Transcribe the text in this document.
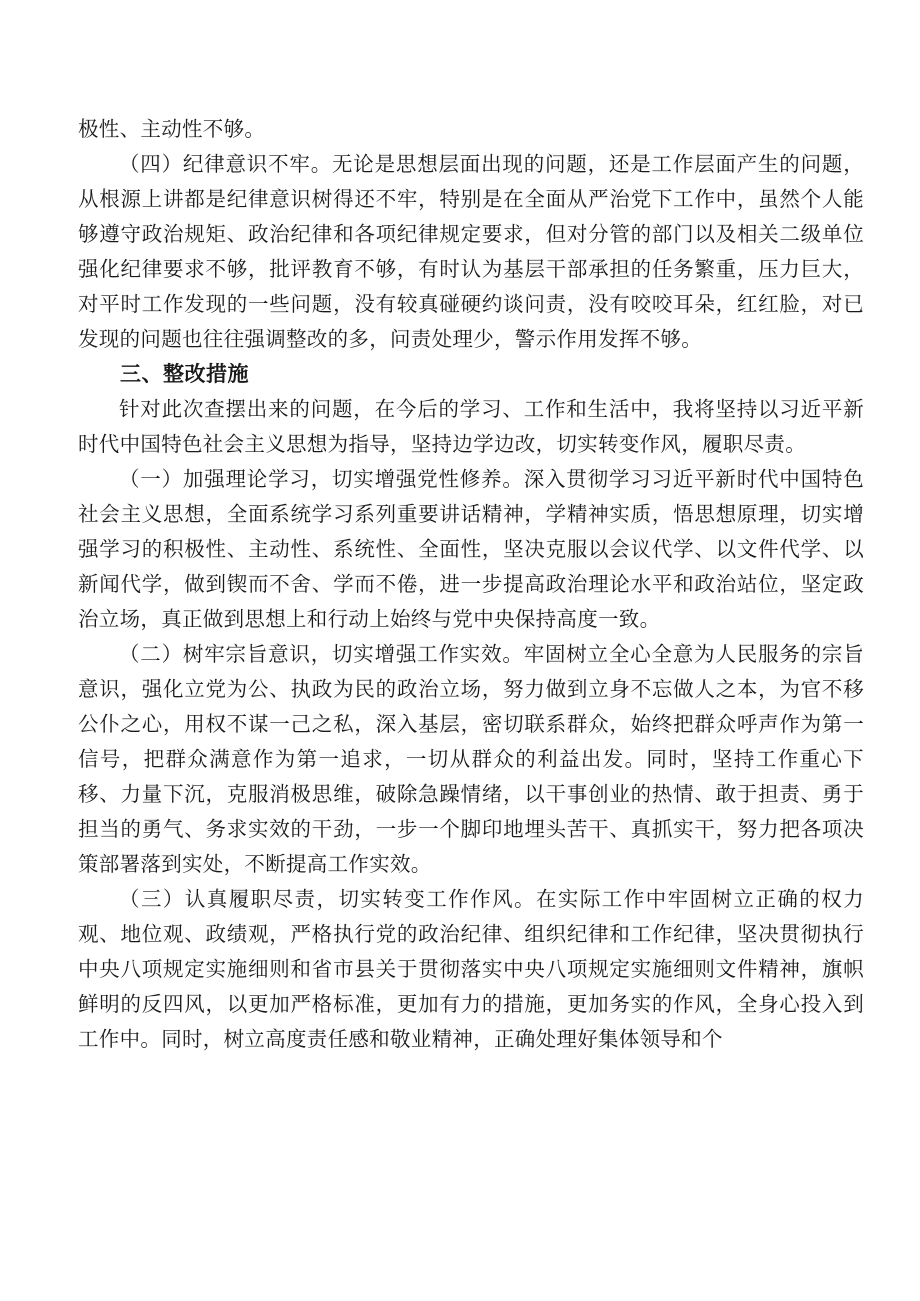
极性、主动性不够。

（四）纪律意识不牢。无论是思想层面出现的问题，还是工作层面产生的问题，从根源上讲都是纪律意识树得还不牢，特别是在全面从严治党下工作中，虽然个人能够遵守政治规矩、政治纪律和各项纪律规定要求，但对分管的部门以及相关二级单位强化纪律要求不够，批评教育不够，有时认为基层干部承担的任务繁重，压力巨大，对平时工作发现的一些问题，没有较真碰硬约谈问责，没有咬咬耳朵，红红脸，对已发现的问题也往往强调整改的多，问责处理少，警示作用发挥不够。

三、整改措施

针对此次查摆出来的问题，在今后的学习、工作和生活中，我将坚持以习近平新时代中国特色社会主义思想为指导，坚持边学边改，切实转变作风，履职尽责。

（一）加强理论学习，切实增强党性修养。深入贯彻学习习近平新时代中国特色社会主义思想，全面系统学习系列重要讲话精神，学精神实质，悟思想原理，切实增强学习的积极性、主动性、系统性、全面性，坚决克服以会议代学、以文件代学、以新闻代学，做到锲而不舍、学而不倦，进一步提高政治理论水平和政治站位，坚定政治立场，真正做到思想上和行动上始终与党中央保持高度一致。

（二）树牢宗旨意识，切实增强工作实效。牢固树立全心全意为人民服务的宗旨意识，强化立党为公、执政为民的政治立场，努力做到立身不忘做人之本，为官不移公仆之心，用权不谋一己之私，深入基层，密切联系群众，始终把群众呼声作为第一信号，把群众满意作为第一追求，一切从群众的利益出发。同时，坚持工作重心下移、力量下沉，克服消极思维，破除急躁情绪，以干事创业的热情、敢于担责、勇于担当的勇气、务求实效的干劲，一步一个脚印地埋头苦干、真抓实干，努力把各项决策部署落到实处，不断提高工作实效。

（三）认真履职尽责，切实转变工作作风。在实际工作中牢固树立正确的权力观、地位观、政绩观，严格执行党的政治纪律、组织纪律和工作纪律，坚决贯彻执行中央八项规定实施细则和省市县关于贯彻落实中央八项规定实施细则文件精神，旗帜鲜明的反四风，以更加严格标准，更加有力的措施，更加务实的作风，全身心投入到工作中。同时，树立高度责任感和敬业精神，正确处理好集体领导和个
